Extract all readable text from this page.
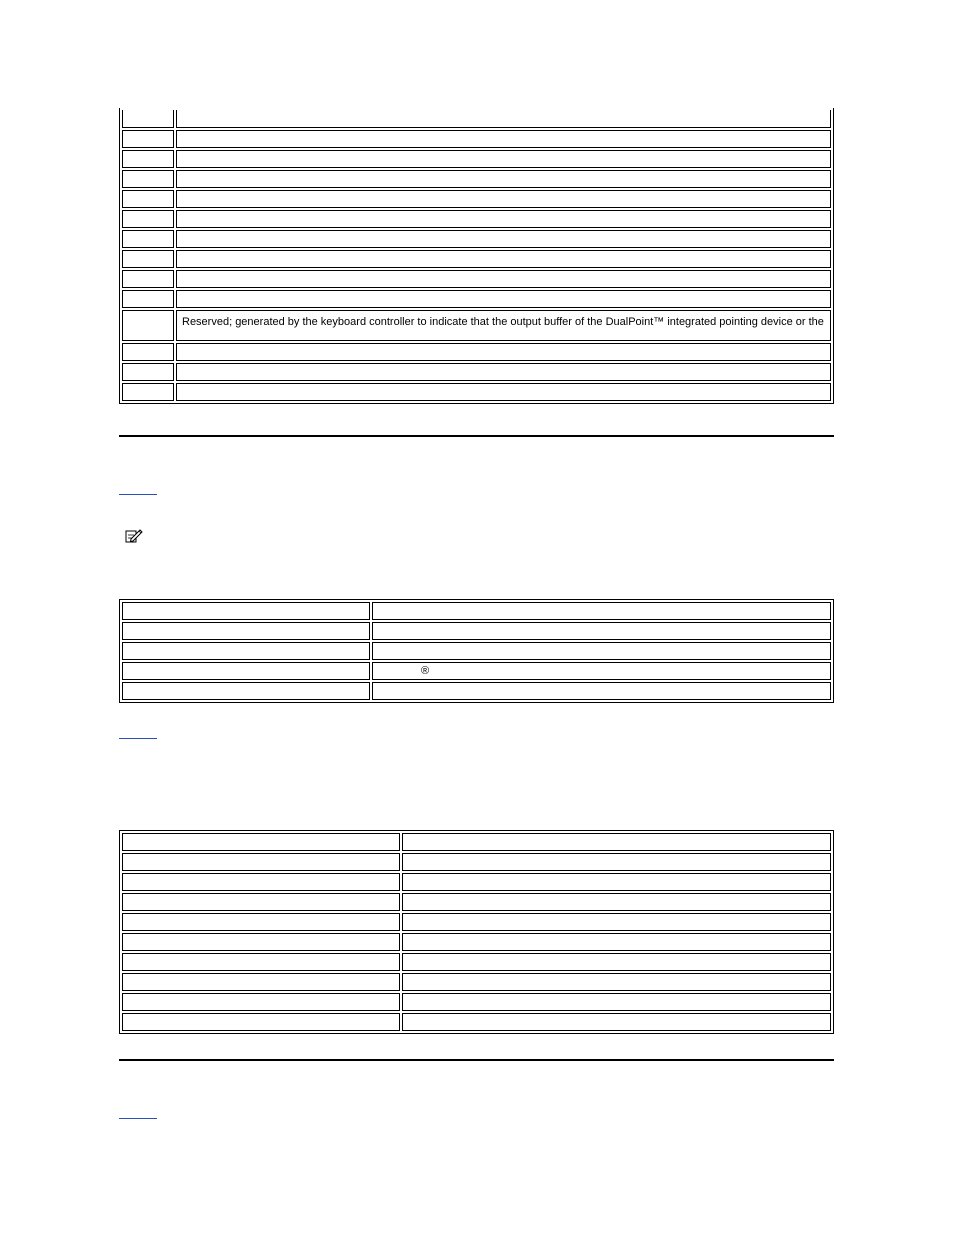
	Reserved; generated by the keyboard controller to indicate that the output buffer of the DualPoint™ integrated pointing device or the

	®
